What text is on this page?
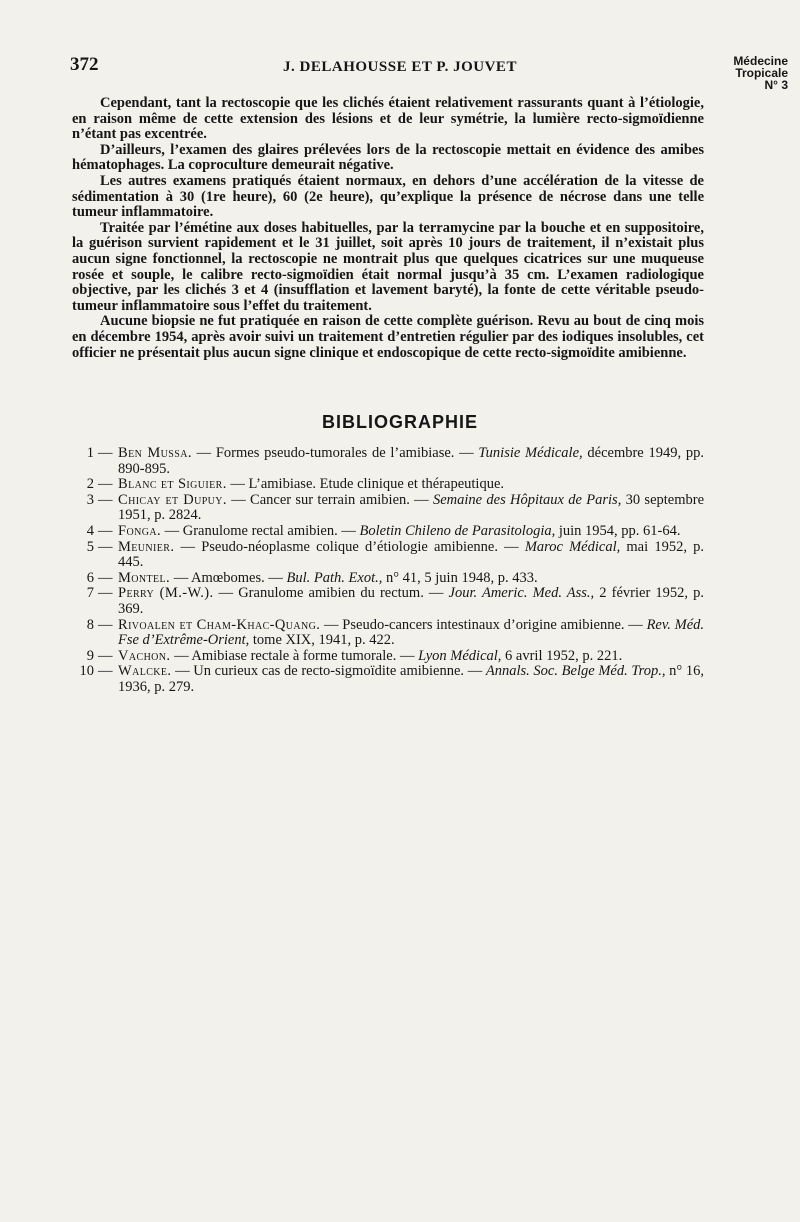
372	J. DELAHOUSSE ET P. JOUVET	Médecine
Tropicale
N° 3

Cependant, tant la rectoscopie que les clichés étaient relativement rassurants quant à l’étiologie, en raison même de cette extension des lésions et de leur symétrie, la lumière recto-sigmoïdienne n’étant pas excentrée.

D’ailleurs, l’examen des glaires prélevées lors de la rectoscopie mettait en évidence des amibes hématophages. La coproculture demeurait négative.

Les autres examens pratiqués étaient normaux, en dehors d’une accélération de la vitesse de sédimentation à 30 (1re heure), 60 (2e heure), qu’explique la présence de nécrose dans une telle tumeur inflammatoire.

Traitée par l’émétine aux doses habituelles, par la terramycine par la bouche et en suppositoire, la guérison survient rapidement et le 31 juillet, soit après 10 jours de traitement, il n’existait plus aucun signe fonctionnel, la rectoscopie ne montrait plus que quelques cicatrices sur une muqueuse rosée et souple, le calibre recto-sigmoïdien était normal jusqu’à 35 cm. L’examen radiologique objective, par les clichés 3 et 4 (insufflation et lavement baryté), la fonte de cette véritable pseudo-tumeur inflammatoire sous l’effet du traitement.

Aucune biopsie ne fut pratiquée en raison de cette complète guérison. Revu au bout de cinq mois en décembre 1954, après avoir suivi un traitement d’entretien régulier par des iodiques insolubles, cet officier ne présentait plus aucun signe clinique et endoscopique de cette recto-sigmoïdite amibienne.

BIBLIOGRAPHIE
1 — Ben Mussa. — Formes pseudo-tumorales de l’amibiase. — Tunisie Médicale, décembre 1949, pp. 890-895.
2 — Blanc et Siguier. — L’amibiase. Etude clinique et thérapeutique.
3 — Chicay et Dupuy. — Cancer sur terrain amibien. — Semaine des Hôpitaux de Paris, 30 septembre 1951, p. 2824.
4 — Fonga. — Granulome rectal amibien. — Boletin Chileno de Parasitologia, juin 1954, pp. 61-64.
5 — Meunier. — Pseudo-néoplasme colique d’étiologie amibienne. — Maroc Médical, mai 1952, p. 445.
6 — Montel. — Amœbomes. — Bul. Path. Exot., n° 41, 5 juin 1948, p. 433.
7 — Perry (M.-W.). — Granulome amibien du rectum. — Jour. Americ. Med. Ass., 2 février 1952, p. 369.
8 — Rivoalen et Cham-Khac-Quang. — Pseudo-cancers intestinaux d’origine amibienne. — Rev. Méd. Fse d’Extrême-Orient, tome XIX, 1941, p. 422.
9 — Vachon. — Amibiase rectale à forme tumorale. — Lyon Médical, 6 avril 1952, p. 221.
10 — Walcke. — Un curieux cas de recto-sigmoïdite amibienne. — Annals. Soc. Belge Méd. Trop., n° 16, 1936, p. 279.
